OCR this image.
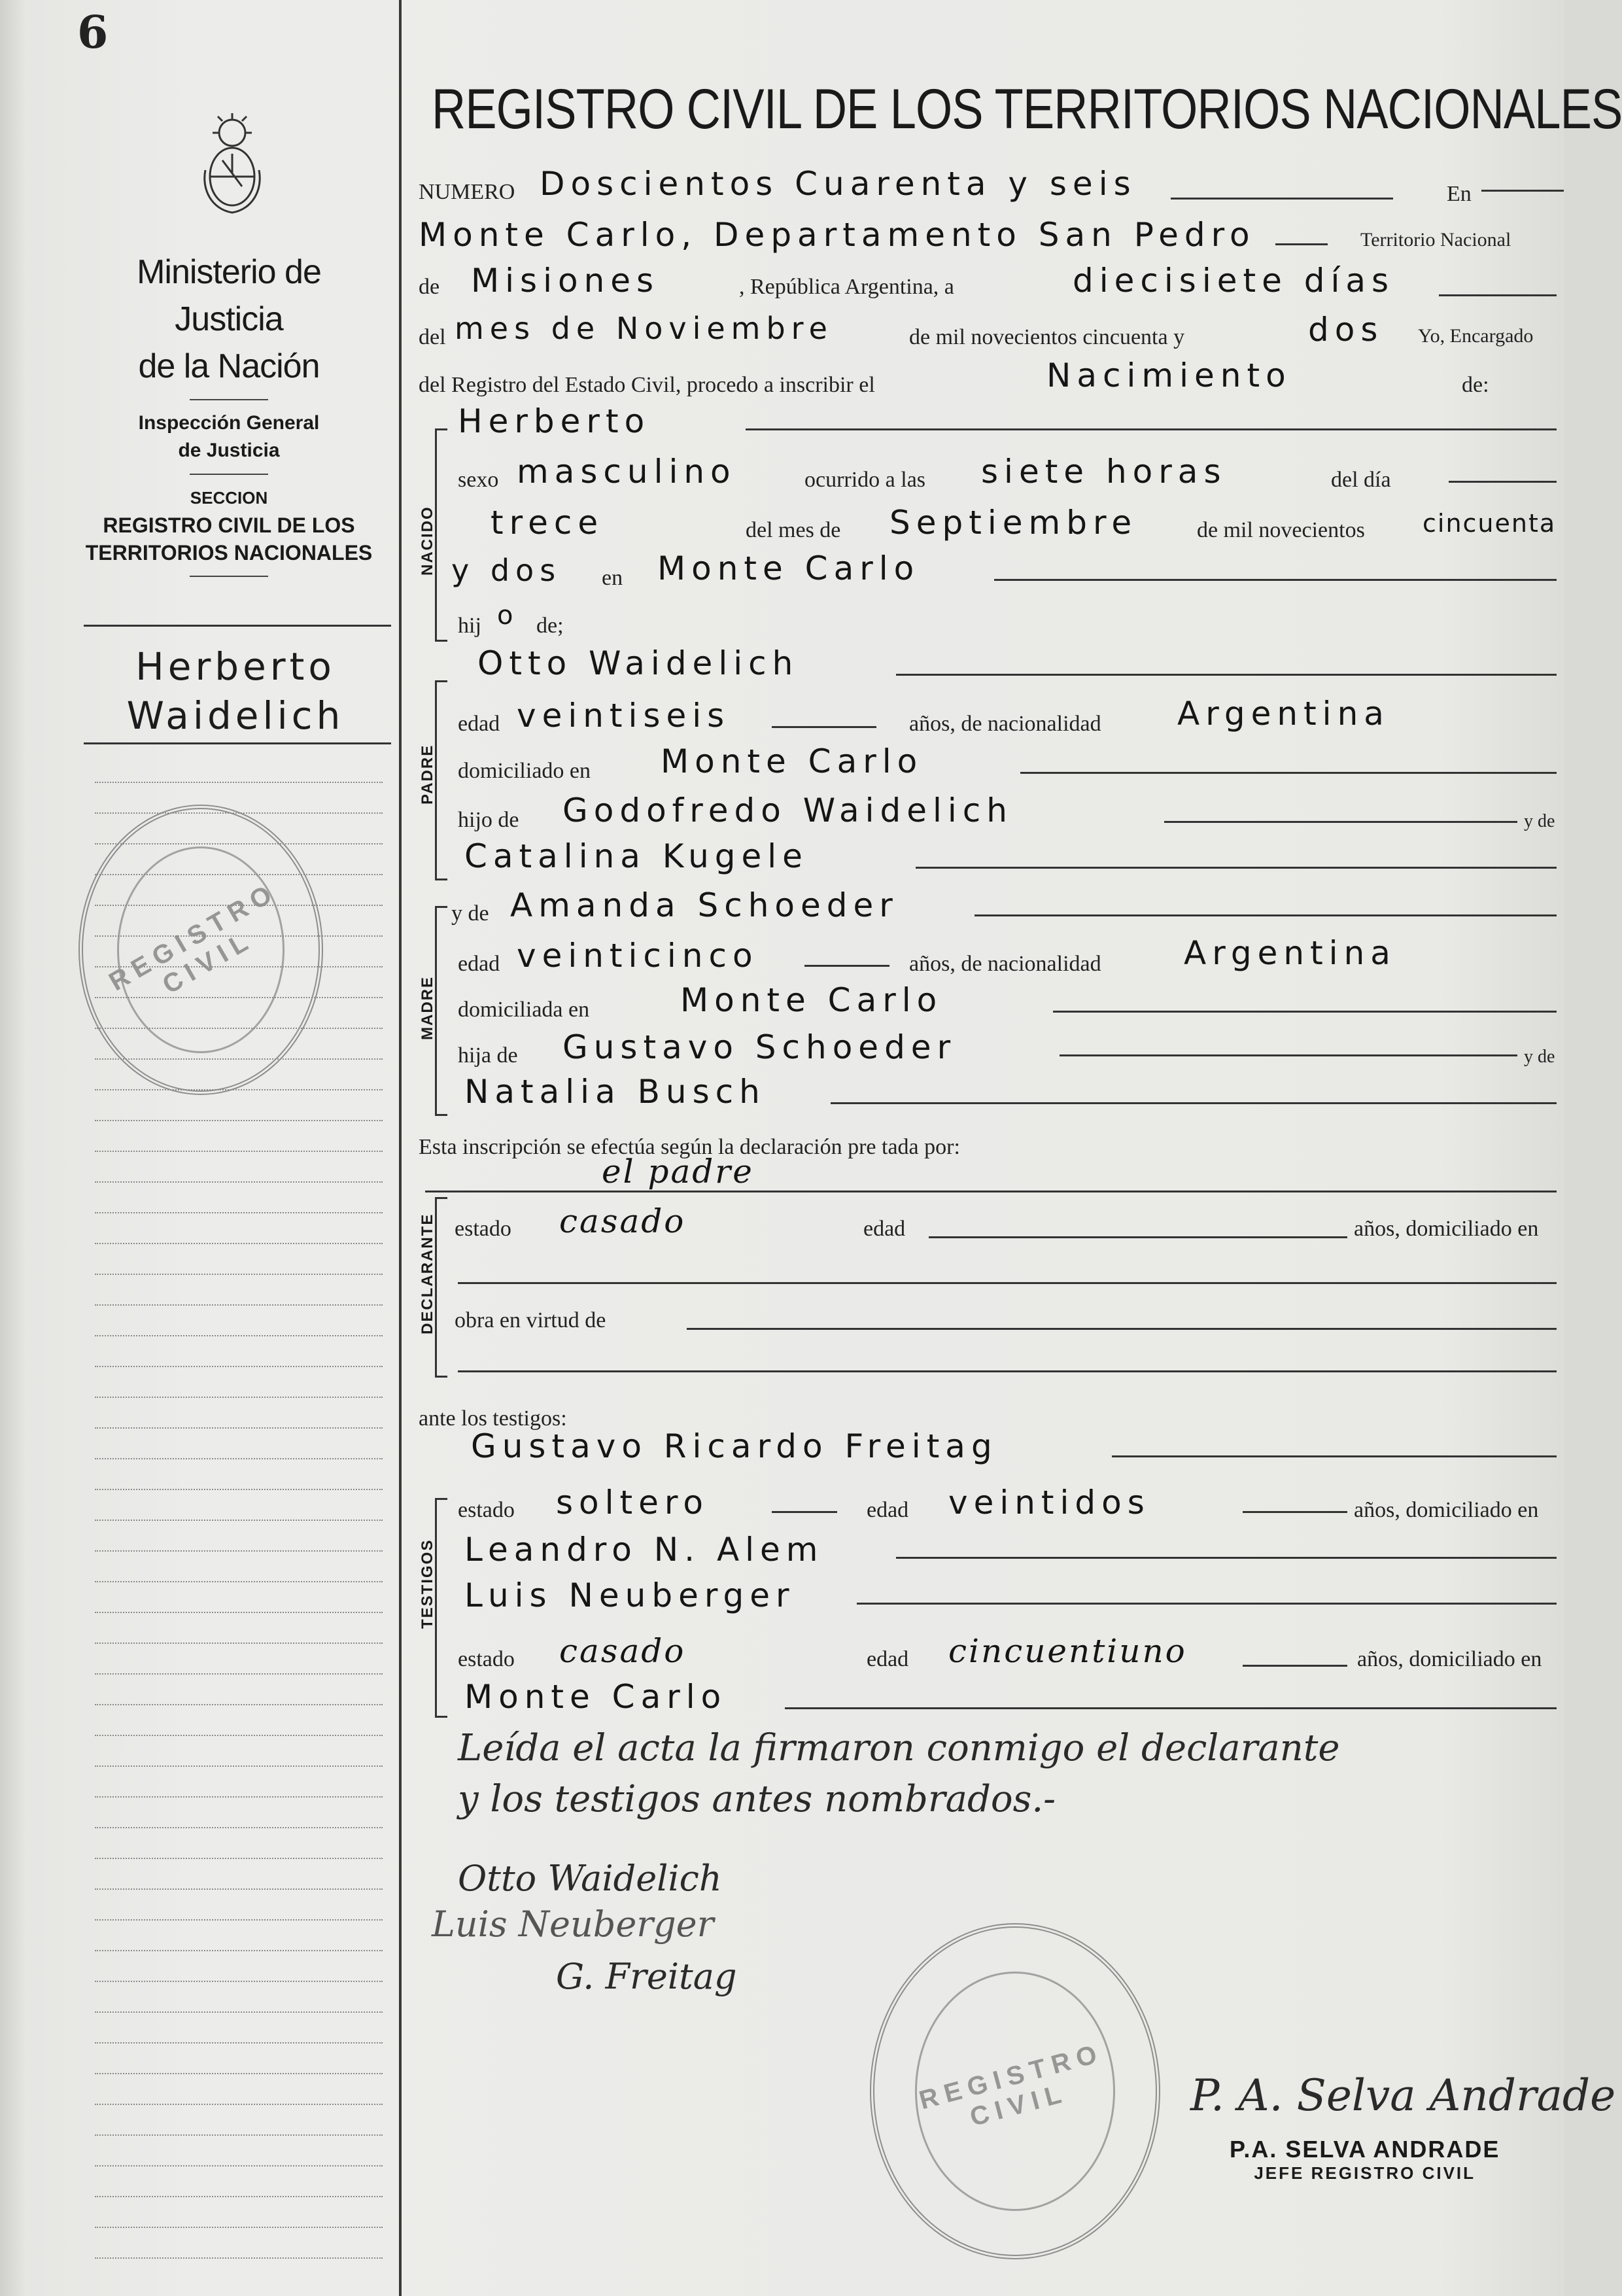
6
Ministerio de Justicia
de la Nación
Inspección General
de Justicia
SECCION
REGISTRO CIVIL DE LOS
TERRITORIOS NACIONALES
Herberto
Waidelich
REGISTRO CIVIL
REGISTRO CIVIL DE LOS TERRITORIOS NACIONALES
NUMERO Doscientos Cuarenta y seis	En
Monte Carlo, Departamento San Pedro	Territorio Nacional
de Misiones	, República Argentina, a	diecisiete días
del mes de Noviembre	de mil novecientos cincuenta y	dos Yo, Encargado
del Registro del Estado Civil, procedo a inscribir el	Nacimiento	de:
NACIDO
Herberto
sexo masculino	ocurrido a las siete horas	del día
trece	del mes de Septiembre	de mil novecientos cincuenta
y dos en Monte Carlo
hij o de;
PADRE
Otto Waidelich
edad veintiseis	años, de nacionalidad Argentina
domiciliado en Monte Carlo
hijo de Godofredo Waidelich	y de
Catalina Kugele
MADRE
y de Amanda Schoeder
edad veinticinco	años, de nacionalidad	Argentina
domiciliada en	Monte Carlo
hija de Gustavo Schoeder	y de
Natalia Busch
Esta inscripción se efectúa según la declaración pre tada por:
el padre
DECLARANTE estado casado	edad	años, domiciliado en
obra en virtud de
ante los testigos:
Gustavo Ricardo Freitag
TESTIGOS
estado soltero	edad veintidos	años, domiciliado en
Leandro N. Alem
Luis Neuberger
estado casado	edad cincuentiuno	años, domiciliado en
Monte Carlo
Leída el acta la firmaron conmigo el declarante
y los testigos antes nombrados.-
Otto Waidelich
Luis Neuberger
G. Freitag
REGISTRO CIVIL	P. A. Selva Andrade
P.A. SELVA ANDRADE
JEFE REGISTRO CIVIL
